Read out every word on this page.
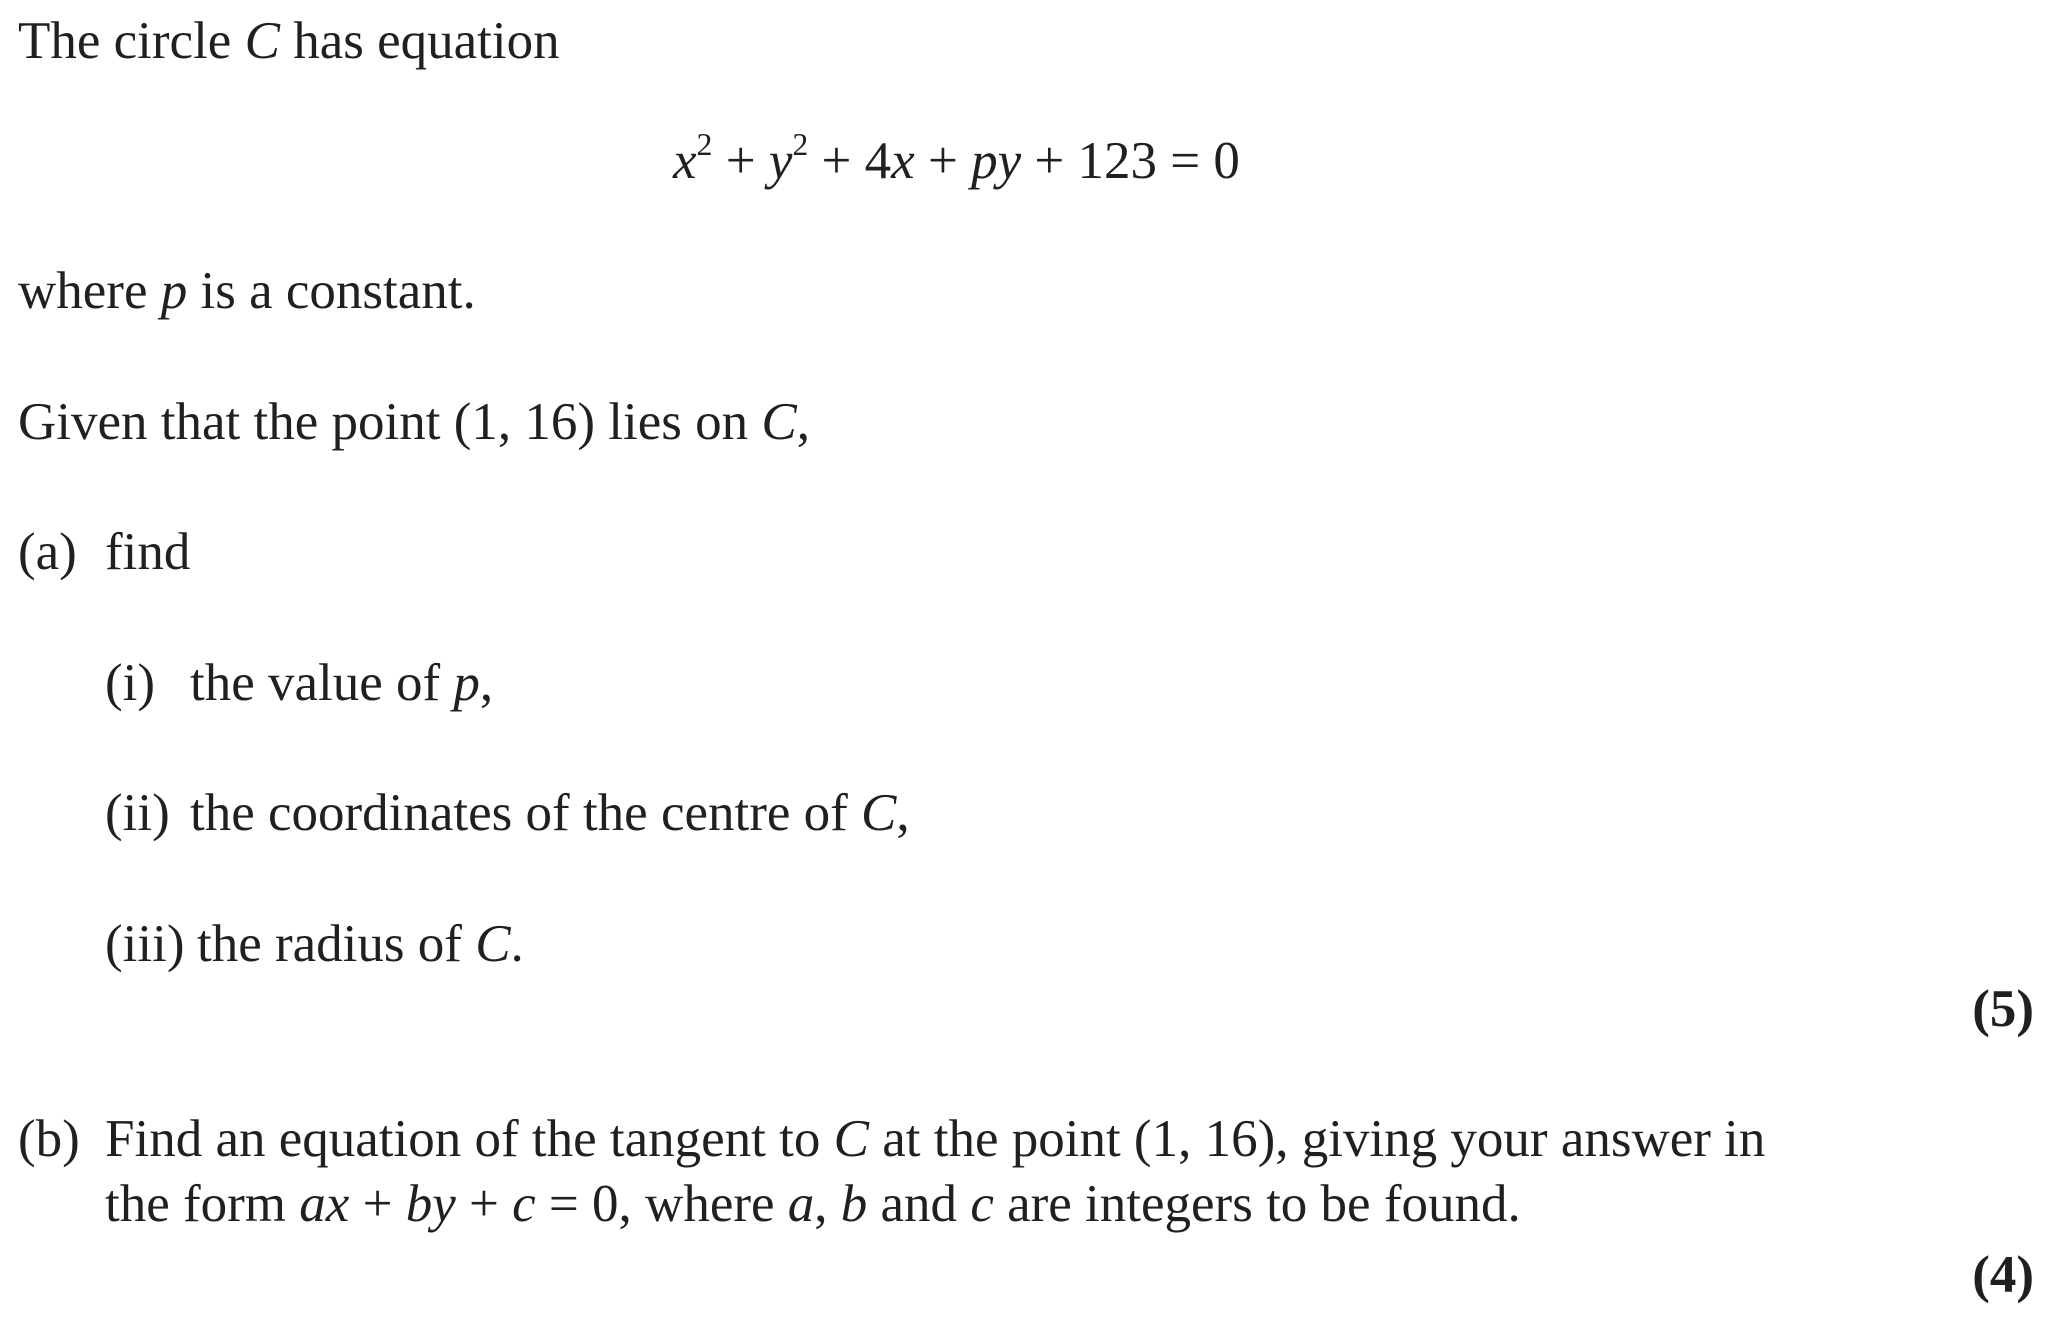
The circle C has equation
$x^2 + y^2 + 4x$ + py + 123 = 0
where p is a constant.
Given that the point (1, 16) lies on C,
(a) find
(i) the value of p,
(ii) the coordinates of the centre of C,
(iii) the radius of C.
(5)
(b) Find an equation of the tangent to C at the point (1, 16), giving your answer in
the form ax + by + c = 0, where a, b and c are integers to be found.
(4)
